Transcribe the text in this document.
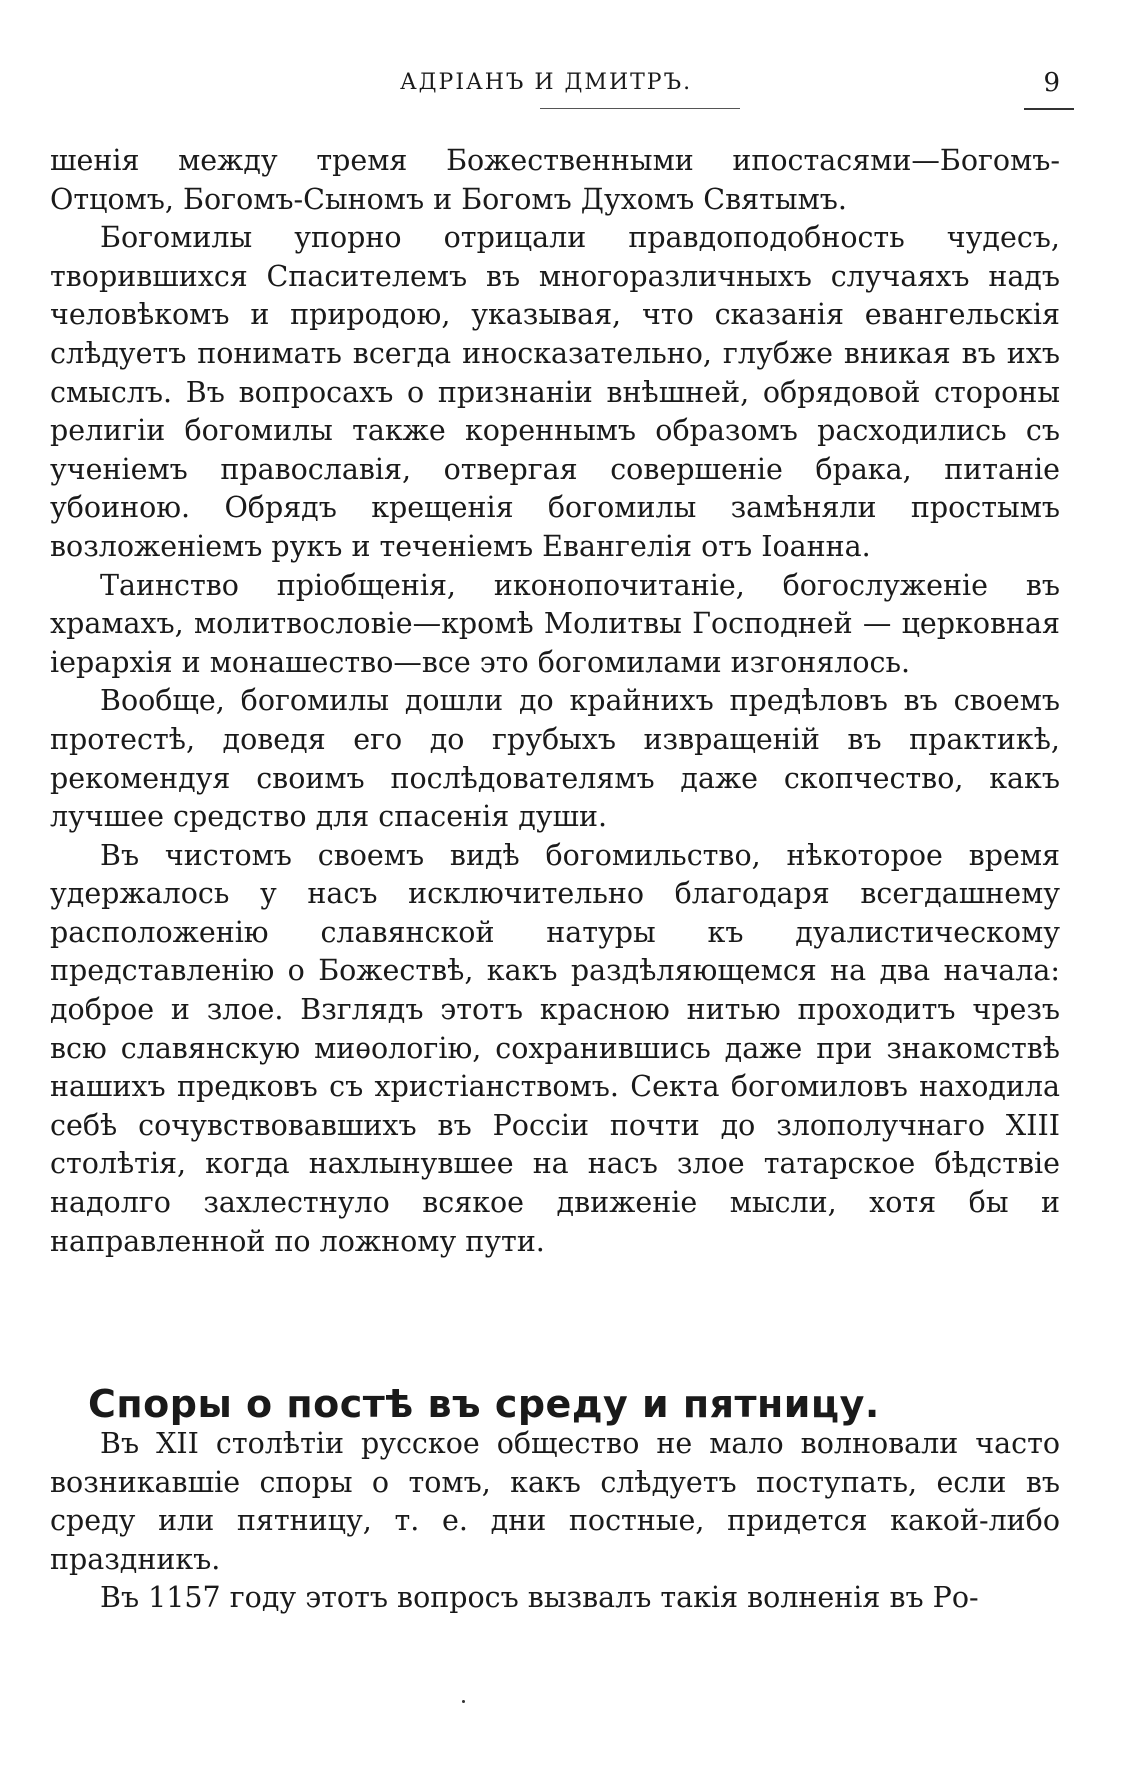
АДРІАНЪ И ДМИТРЪ.	9

шенія между тремя Божественными ипостасями—Богомъ-Отцомъ, Богомъ-Сыномъ и Богомъ Духомъ Святымъ.

Богомилы упорно отрицали правдоподобность чудесъ, творившихся Спасителемъ въ многоразличныхъ случаяхъ надъ человѣкомъ и природою, указывая, что сказанія евангельскія слѣдуетъ понимать всегда иносказательно, глубже вникая въ ихъ смыслъ. Въ вопросахъ о признаніи внѣшней, обрядовой стороны религіи богомилы также кореннымъ образомъ расходились съ ученіемъ православія, отвергая совершеніе брака, питаніе убоиною. Обрядъ крещенія богомилы замѣняли простымъ возложеніемъ рукъ и теченіемъ Евангелія отъ Іоанна.

Таинство пріобщенія, иконопочитаніе, богослуженіе въ храмахъ, молитвословіе—кромѣ Молитвы Господней — церковная іерархія и монашество—все это богомилами изгонялось.

Вообще, богомилы дошли до крайнихъ предѣловъ въ своемъ протестѣ, доведя его до грубыхъ извращеній въ практикѣ, рекомендуя своимъ послѣдователямъ даже скопчество, какъ лучшее средство для спасенія души.

Въ чистомъ своемъ видѣ богомильство, нѣкоторое время удержалось у насъ исключительно благодаря всегдашнему расположенію славянской натуры къ дуалистическому представленію о Божествѣ, какъ раздѣляющемся на два начала: доброе и злое. Взглядъ этотъ красною нитью проходитъ чрезъ всю славянскую миѳологію, сохранившись даже при знакомствѣ нашихъ предковъ съ христіанствомъ. Секта богомиловъ находила себѣ сочувствовавшихъ въ Россіи почти до злополучнаго XIII столѣтія, когда нахлынувшее на насъ злое татарское бѣдствіе надолго захлестнуло всякое движеніе мысли, хотя бы и направленной по ложному пути.

Споры о постѣ въ среду и пятницу.

Въ XII столѣтіи русское общество не мало волновали часто возникавшіе споры о томъ, какъ слѣдуетъ поступать, если въ среду или пятницу, т. е. дни постные, придется какой-либо праздникъ.

Въ 1157 году этотъ вопросъ вызвалъ такія волненія въ Ро-
